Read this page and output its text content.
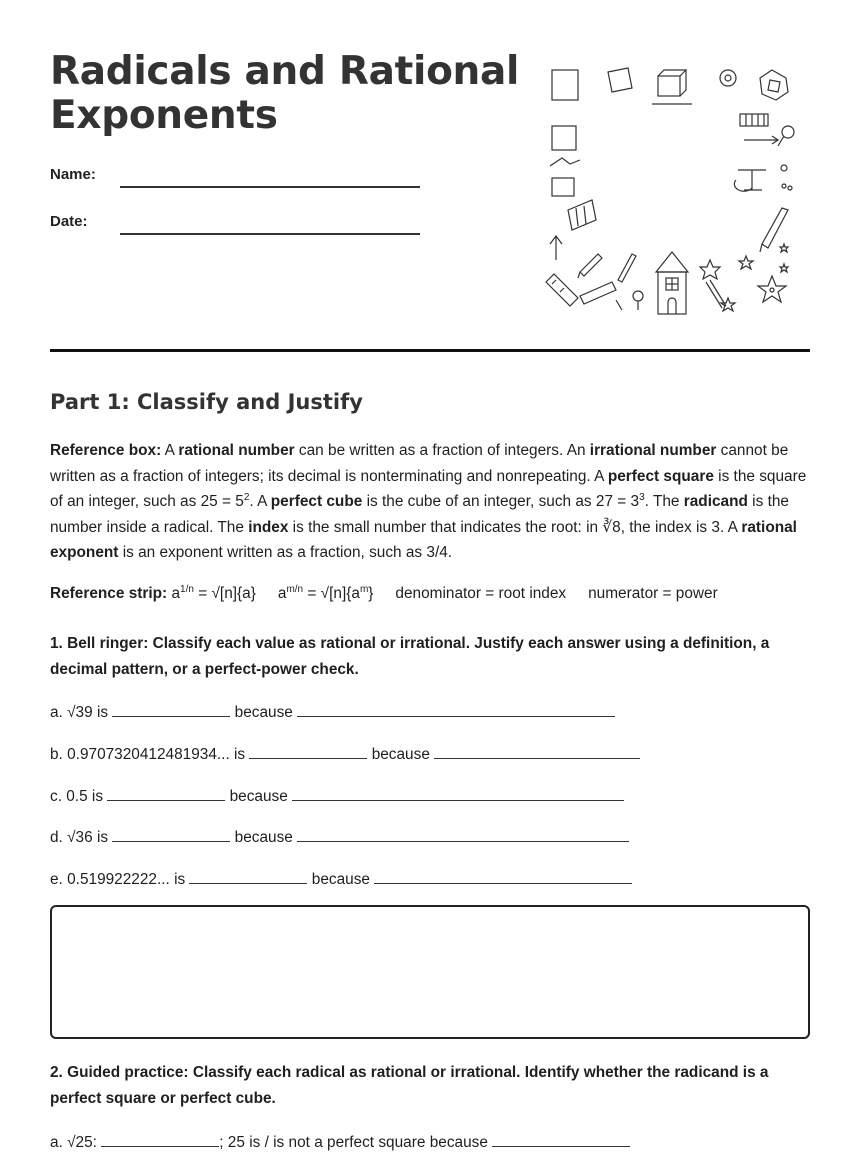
Radicals and Rational Exponents
Name:
Date:
Part 1: Classify and Justify
Reference box: A rational number can be written as a fraction of integers. An irrational number cannot be written as a fraction of integers; its decimal is nonterminating and nonrepeating. A perfect square is the square of an integer, such as $25 = 5^2$. A perfect cube is the cube of an integer, such as $27 = 3^3$. The radicand is the number inside a radical. The index is the small number that indicates the root: in ∛8, the index is 3. A rational exponent is an exponent written as a fraction, such as 3/4.
Reference strip: $a^{1/n} = √[n]\{a\} a^{m/n} = √[n]\{a^m\}$ denominator = root index numerator = power
1. Bell ringer: Classify each value as rational or irrational. Justify each answer using a definition, a decimal pattern, or a perfect-power check.
a. √39 is	because
b. 0.9707320412481934... is	because
c. 0.5 is	because
d. √36 is	because
e. 0.519922222... is	because
2. Guided practice: Classify each radical as rational or irrational. Identify whether the radicand is a perfect square or perfect cube.
a. √25:	; 25 is / is not a perfect square because
